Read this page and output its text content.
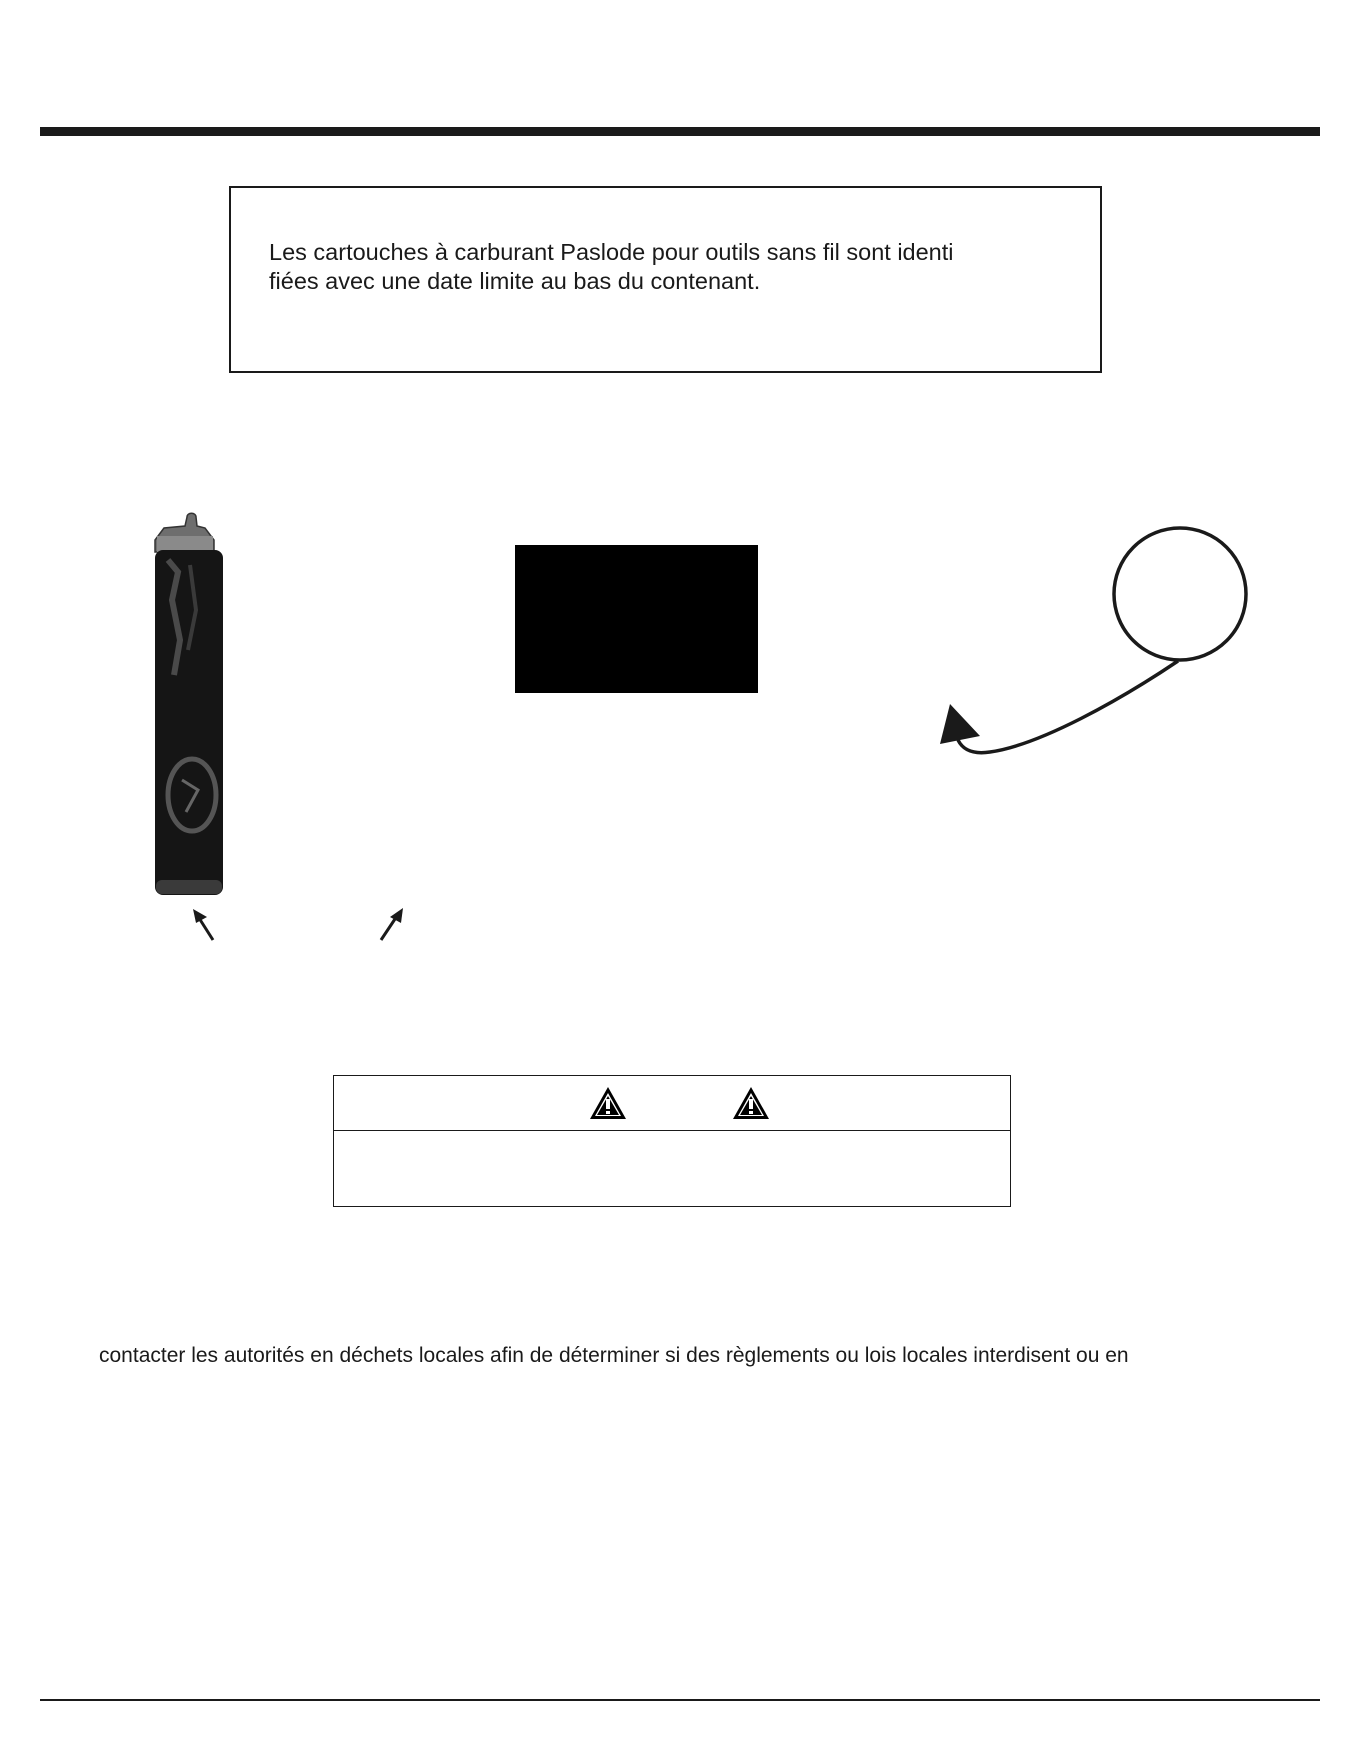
Les cartouches à carburant Paslode pour outils sans fil sont identi
fiées avec une date limite au bas du contenant.
contacter les autorités en déchets locales afin de déterminer si des règlements ou lois locales interdisent ou en
